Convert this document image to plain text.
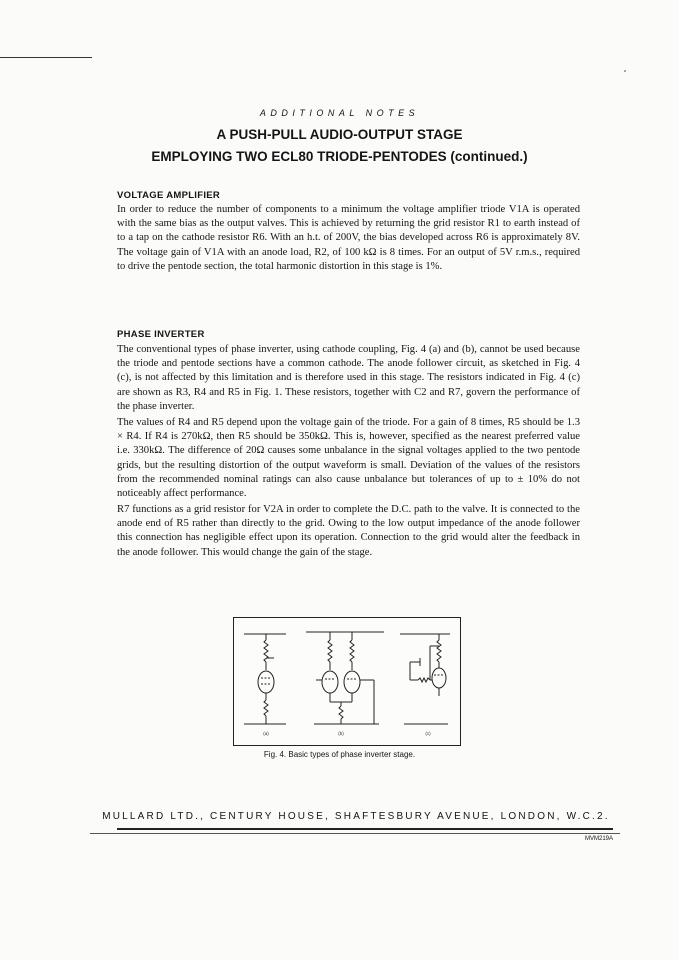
ADDITIONAL NOTES
A PUSH-PULL AUDIO-OUTPUT STAGE
EMPLOYING TWO ECL80 TRIODE-PENTODES (continued.)
VOLTAGE AMPLIFIER

In order to reduce the number of components to a minimum the voltage amplifier triode V1A is operated with the same bias as the output valves. This is achieved by returning the grid resistor R1 to earth instead of to a tap on the cathode resistor R6. With an h.t. of 200V, the bias developed across R6 is approximately 8V. The voltage gain of V1A with an anode load, R2, of 100 kΩ is 8 times. For an output of 5V r.m.s., required to drive the pentode section, the total harmonic distortion in this stage is 1%.

PHASE INVERTER

The conventional types of phase inverter, using cathode coupling, Fig. 4 (a) and (b), cannot be used because the triode and pentode sections have a common cathode. The anode follower circuit, as sketched in Fig. 4 (c), is not affected by this limitation and is therefore used in this stage. The resistors indicated in Fig. 4 (c) are shown as R3, R4 and R5 in Fig. 1. These resistors, together with C2 and R7, govern the performance of the phase inverter.

The values of R4 and R5 depend upon the voltage gain of the triode. For a gain of 8 times, R5 should be 1.3 × R4. If R4 is 270kΩ, then R5 should be 350kΩ. This is, however, specified as the nearest preferred value i.e. 330kΩ. The difference of 20Ω causes some unbalance in the signal voltages applied to the two pentode grids, but the resulting distortion of the output waveform is small. Deviation of the values of the resistors from the recommended nominal ratings can also cause unbalance but tolerances of up to ± 10% do not noticeably affect performance.

R7 functions as a grid resistor for V2A in order to complete the D.C. path to the valve. It is connected to the anode end of R5 rather than directly to the grid. Owing to the low output impedance of the anode follower this connection has negligible effect upon its operation. Connection to the grid would alter the feedback in the anode follower. This would change the gain of the stage.

(a)	(b)	(c)
Fig. 4. Basic types of phase inverter stage.
MULLARD LTD., CENTURY HOUSE, SHAFTESBURY AVENUE, LONDON, W.C.2.
MVM219A
